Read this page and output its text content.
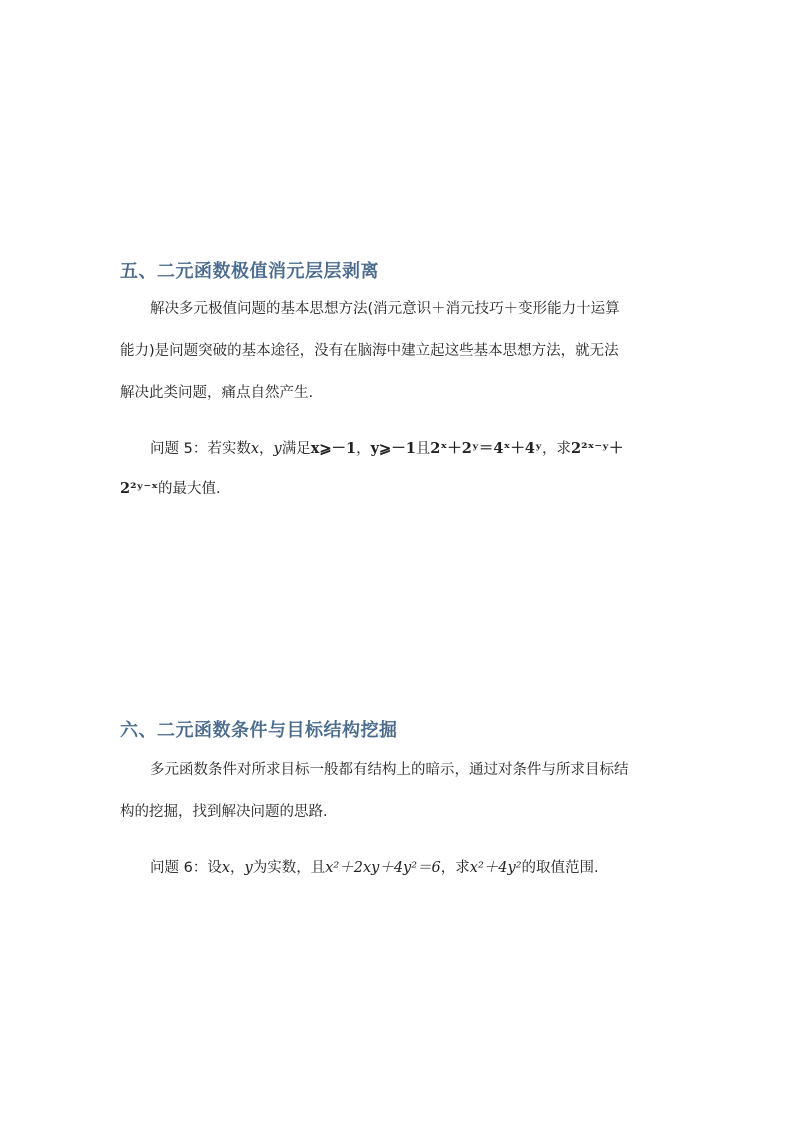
五、二元函数极值消元层层剥离
解决多元极值问题的基本思想方法(消元意识＋消元技巧＋变形能力十运算
能力)是问题突破的基本途径，没有在脑海中建立起这些基本思想方法，就无法
解决此类问题，痛点自然产生.
问题 5：若实数x，y满足x⩾－1，y⩾－1且2ˣ＋2ʸ＝4ˣ＋4ʸ，求2²ˣ⁻ʸ＋
2²ʸ⁻ˣ的最大值.
六、二元函数条件与目标结构挖掘
多元函数条件对所求目标一般都有结构上的暗示，通过对条件与所求目标结
构的挖掘，找到解决问题的思路.
问题 6：设x，y为实数，且x²＋2xy＋4y²＝6，求x²＋4y²的取值范围.
